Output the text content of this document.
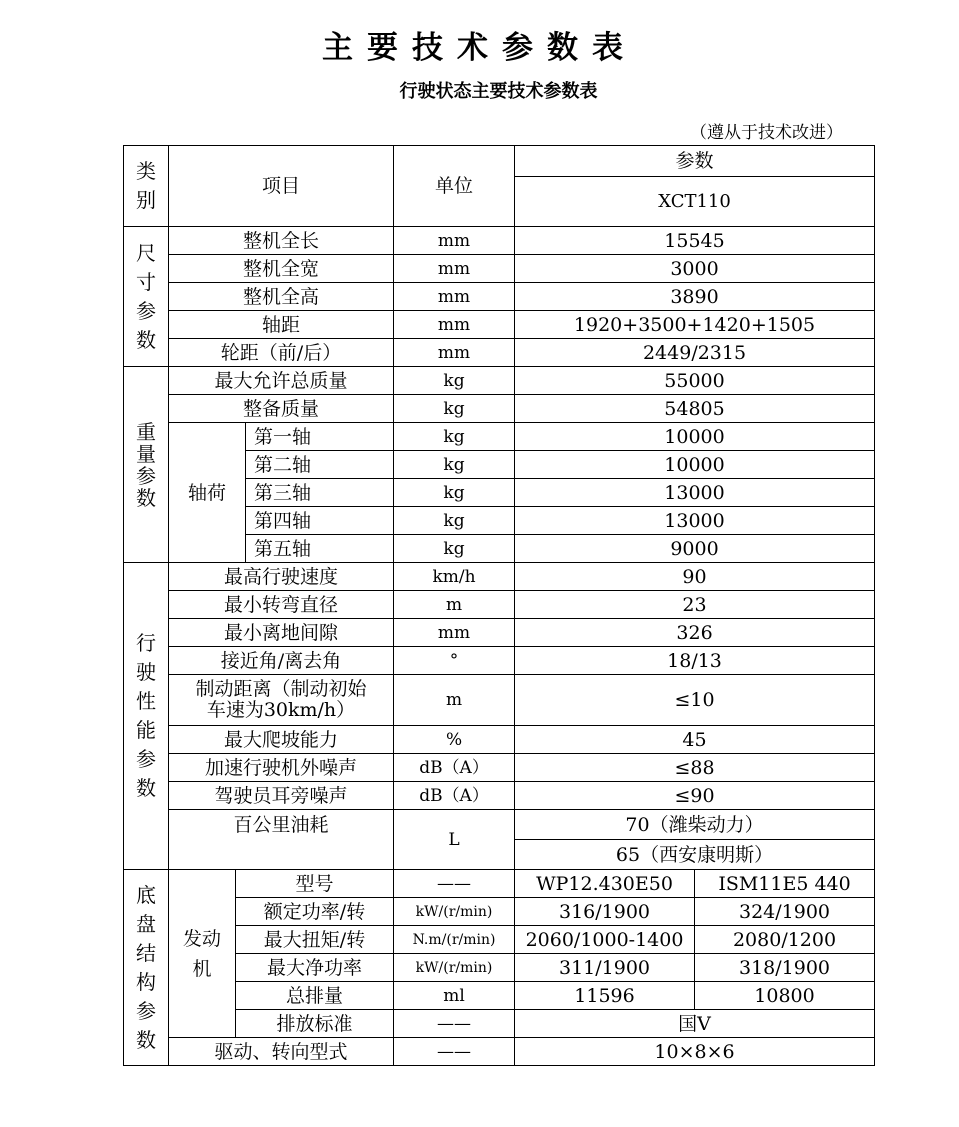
主要技术参数表
行驶状态主要技术参数表
（遵从于技术改进）
类别	项目			单位	参数	
					XCT110	
尺寸参数	整机全长			mm	15545	
	整机全宽			mm	3000	
	整机全高			mm	3890	
	轴距			mm	1920+3500+1420+1505	
	轮距（前/后）			mm	2449/2315	
重量参数	最大允许总质量			kg	55000	
	整备质量			kg	54805	
	轴荷		第一轴	kg	10000	
			第二轴	kg	10000	
			第三轴	kg	13000	
			第四轴	kg	13000	
			第五轴	kg	9000	
行驶性能参数	最高行驶速度			km/h	90	
	最小转弯直径			m	23	
	最小离地间隙			mm	326	
	接近角/离去角			°	18/13	
	制动距离（制动初始车速为30km/h）			m	≤10	
	最大爬坡能力			%	45	
	加速行驶机外噪声			dB（A）	≤88	
	驾驶员耳旁噪声			dB（A）	≤90	
	百公里油耗			L	70（潍柴动力）	
					65（西安康明斯）	
底盘结构参数	发动机	型号		——	WP12.430E50	ISM11E5 440
		额定功率/转		kW/(r/min)	316/1900	324/1900
		最大扭矩/转		N.m/(r/min)	2060/1000-1400	2080/1200
		最大净功率		kW/(r/min)	311/1900	318/1900
		总排量		ml	11596	10800
		排放标准		——	国V	
	驱动、转向型式			——	10×8×6	
